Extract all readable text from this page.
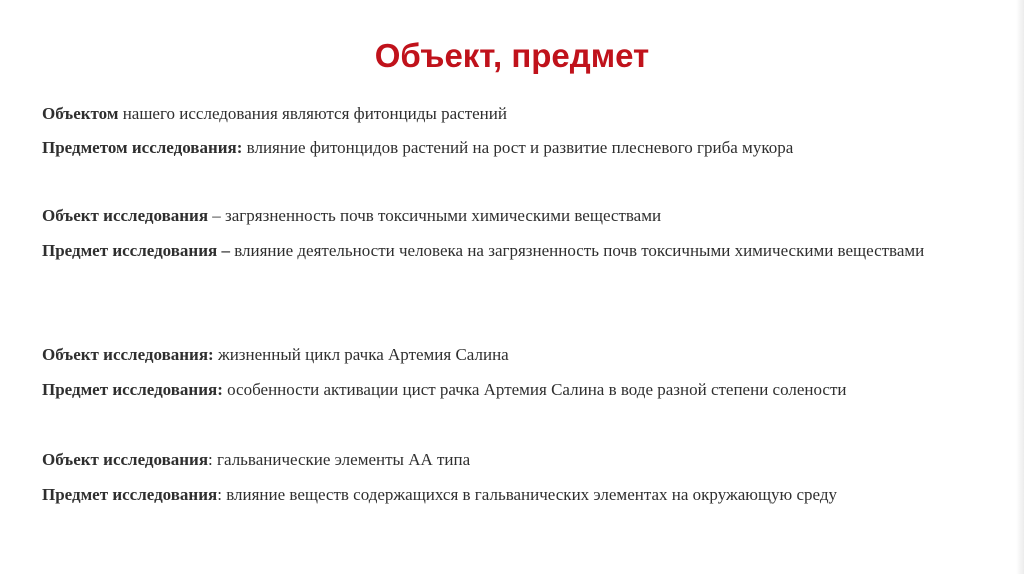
Объект, предмет
Объектом нашего исследования являются фитонциды растений
Предметом исследования: влияние фитонцидов растений на рост и развитие плесневого гриба мукора
Объект исследования – загрязненность почв токсичными химическими веществами
Предмет исследования – влияние деятельности человека на загрязненность почв токсичными химическими веществами
Объект исследования: жизненный цикл рачка Артемия Салина
Предмет исследования: особенности активации цист рачка Артемия Салина в воде разной степени солености
Объект исследования: гальванические элементы АА типа
Предмет исследования: влияние веществ содержащихся в гальванических элементах на окружающую среду
